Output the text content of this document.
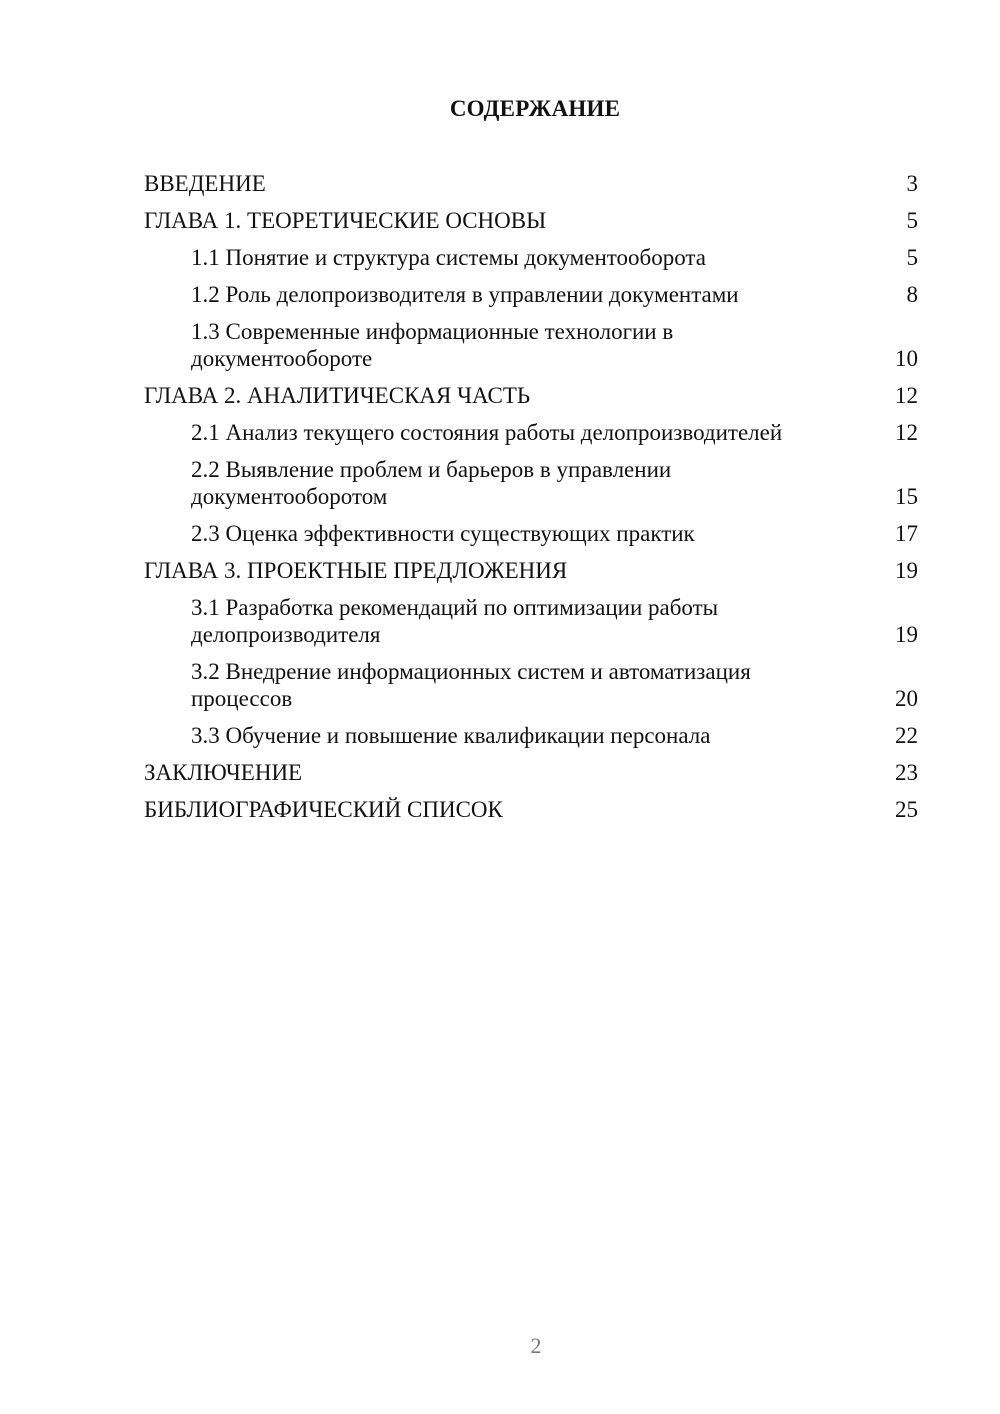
СОДЕРЖАНИЕ
ВВЕДЕНИЕ	3
ГЛАВА 1. ТЕОРЕТИЧЕСКИЕ ОСНОВЫ	5
1.1 Понятие и структура системы документооборота	5
1.2 Роль делопроизводителя в управлении документами	8
1.3 Современные информационные технологии в документообороте	10
ГЛАВА 2. АНАЛИТИЧЕСКАЯ ЧАСТЬ	12
2.1 Анализ текущего состояния работы делопроизводителей	12
2.2 Выявление проблем и барьеров в управлении документооборотом	15
2.3 Оценка эффективности существующих практик	17
ГЛАВА 3. ПРОЕКТНЫЕ ПРЕДЛОЖЕНИЯ	19
3.1 Разработка рекомендаций по оптимизации работы делопроизводителя	19
3.2 Внедрение информационных систем и автоматизация процессов	20
3.3 Обучение и повышение квалификации персонала	22
ЗАКЛЮЧЕНИЕ	23
БИБЛИОГРАФИЧЕСКИЙ СПИСОК	25
2
